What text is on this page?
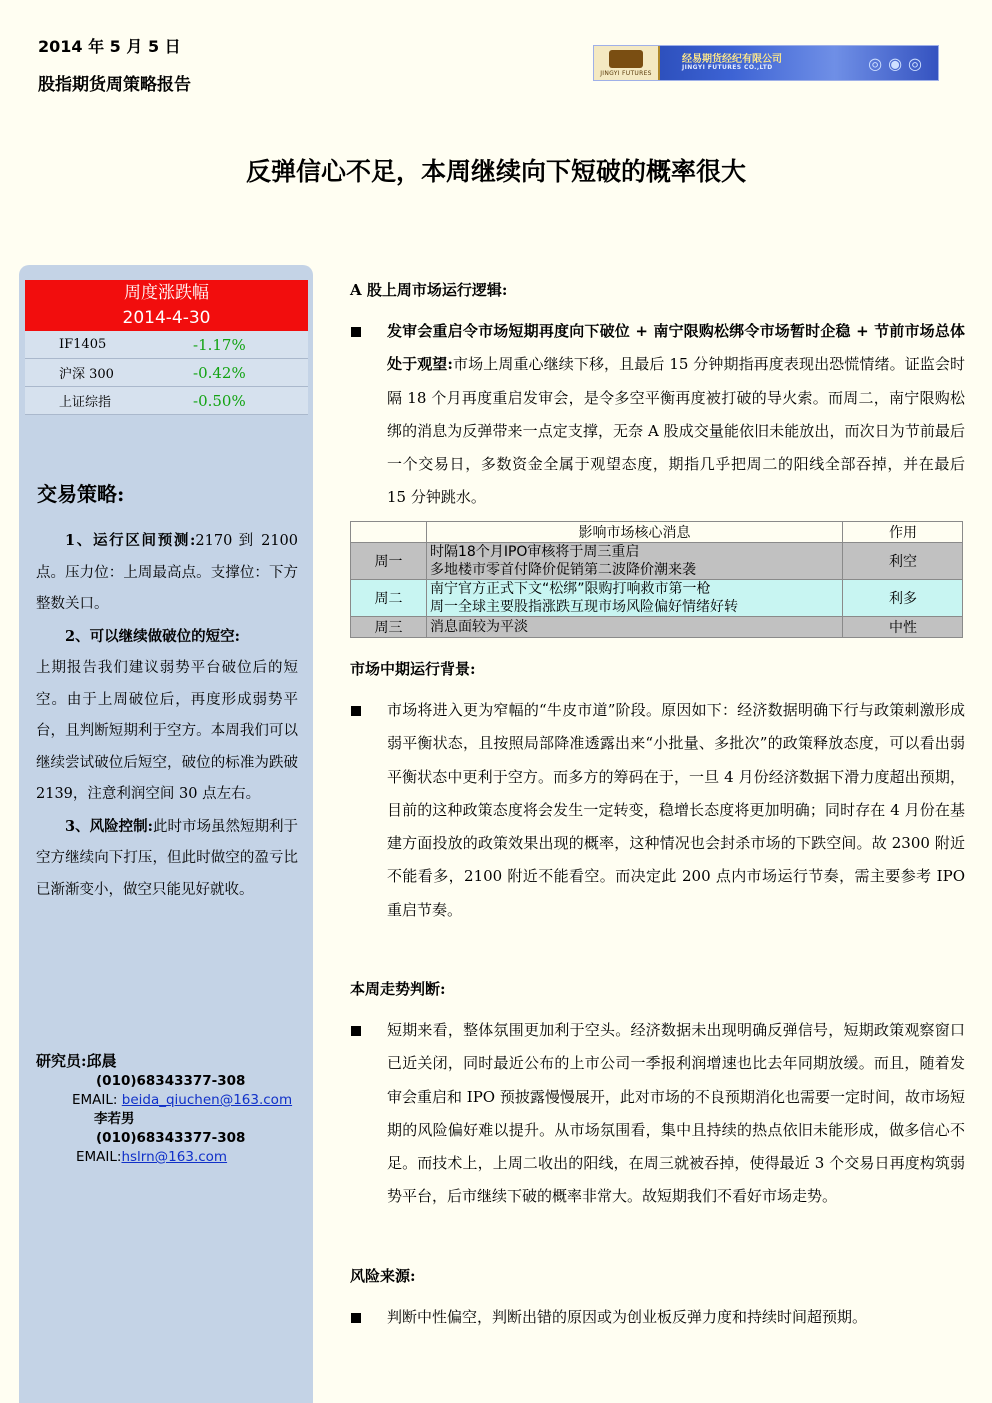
2014 年 5 月 5 日
股指期货周策略报告
JINGYI FUTURES
经易期货经纪有限公司
JINGYI FUTURES CO.,LTD	◎◉◎
反弹信心不足，本周继续向下短破的概率很大
周度涨跌幅
2014-4-30
IF1405	-1.17%
沪深 300	-0.42%
上证综指	-0.50%
交易策略:

1、运行区间预测:2170 到 2100 点。压力位：上周最高点。支撑位：下方整数关口。

2、可以继续做破位的短空:

上期报告我们建议弱势平台破位后的短空。由于上周破位后，再度形成弱势平台，且判断短期利于空方。本周我们可以继续尝试破位后短空，破位的标准为跌破 2139，注意利润空间 30 点左右。

3、风险控制:此时市场虽然短期利于空方继续向下打压，但此时做空的盈亏比已渐渐变小，做空只能见好就收。

研究员:邱晨
(010)68343377-308
EMAIL: beida_qiuchen@163.com
李若男
(010)68343377-308
EMAIL:hslrn@163.com
A 股上周市场运行逻辑:
发审会重启令市场短期再度向下破位 + 南宁限购松绑令市场暂时企稳 + 节前市场总体处于观望:市场上周重心继续下移，且最后 15 分钟期指再度表现出恐慌情绪。证监会时隔 18 个月再度重启发审会，是令多空平衡再度被打破的导火索。而周二，南宁限购松绑的消息为反弹带来一点定支撑，无奈 A 股成交量能依旧未能放出，而次日为节前最后一个交易日，多数资金全属于观望态度，期指几乎把周二的阳线全部吞掉，并在最后 15 分钟跳水。
	影响市场核心消息	作用
周一	时隔18个月IPO审核将于周三重启
多地楼市零首付降价促销第二波降价潮来袭	利空
周二	南宁官方正式下文“松绑”限购打响救市第一枪
周一全球主要股指涨跌互现市场风险偏好情绪好转	利多
周三	消息面较为平淡	中性
市场中期运行背景:
市场将进入更为窄幅的“牛皮市道”阶段。原因如下：经济数据明确下行与政策刺激形成弱平衡状态，且按照局部降准透露出来“小批量、多批次”的政策释放态度，可以看出弱平衡状态中更利于空方。而多方的筹码在于，一旦 4 月份经济数据下滑力度超出预期，目前的这种政策态度将会发生一定转变，稳增长态度将更加明确；同时存在 4 月份在基建方面投放的政策效果出现的概率，这种情况也会封杀市场的下跌空间。故 2300 附近不能看多，2100 附近不能看空。而决定此 200 点内市场运行节奏，需主要参考 IPO 重启节奏。
本周走势判断:
短期来看，整体氛围更加利于空头。经济数据未出现明确反弹信号，短期政策观察窗口已近关闭，同时最近公布的上市公司一季报利润增速也比去年同期放缓。而且，随着发审会重启和 IPO 预披露慢慢展开，此对市场的不良预期消化也需要一定时间，故市场短期的风险偏好难以提升。从市场氛围看，集中且持续的热点依旧未能形成，做多信心不足。而技术上，上周二收出的阳线，在周三就被吞掉，使得最近 3 个交易日再度构筑弱势平台，后市继续下破的概率非常大。故短期我们不看好市场走势。
风险来源:
判断中性偏空，判断出错的原因或为创业板反弹力度和持续时间超预期。
